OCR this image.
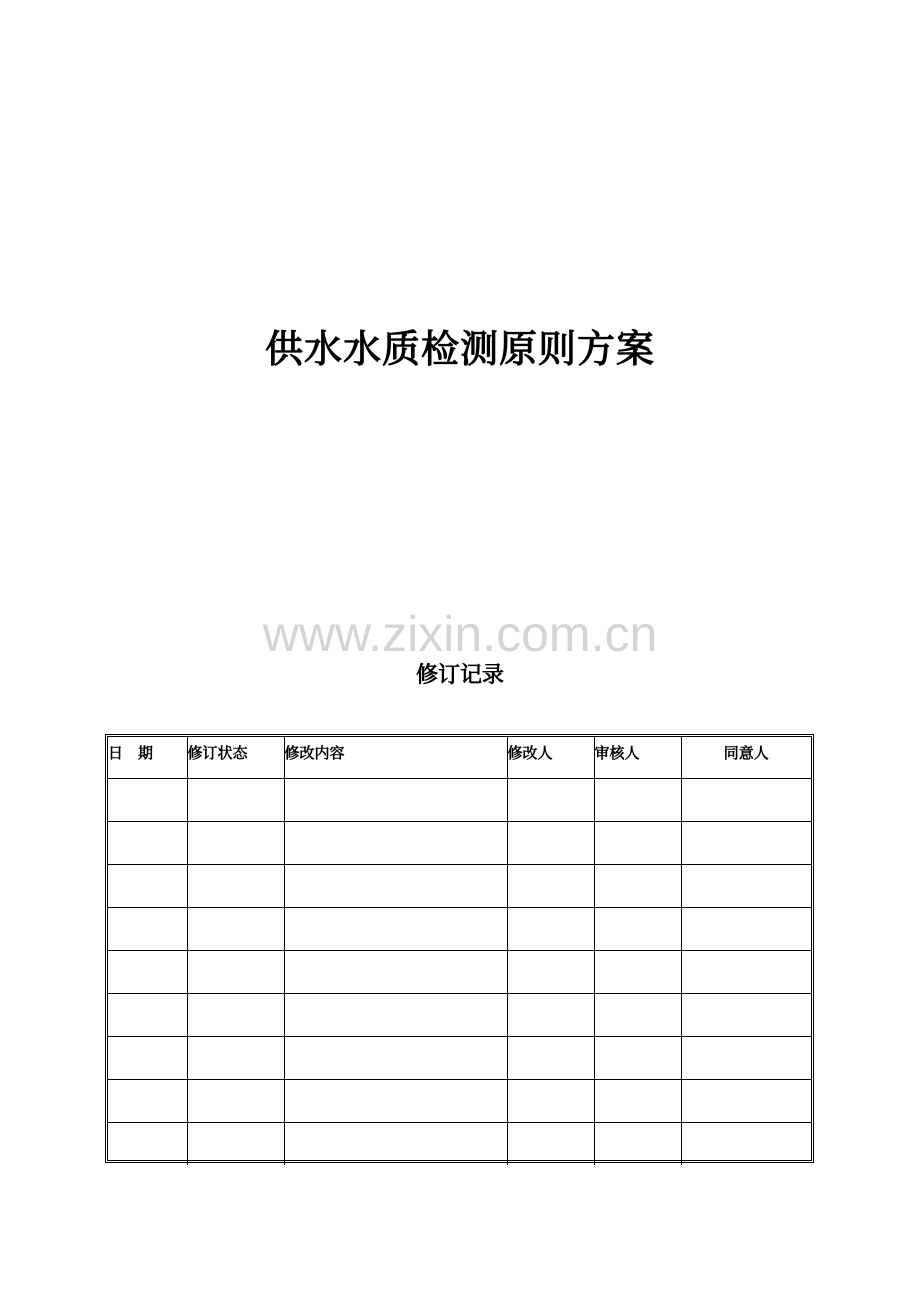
供水水质检测原则方案
www.zixin.com.cn
修订记录
日　期	修订状态	修改内容	修改人	审核人	同意人
